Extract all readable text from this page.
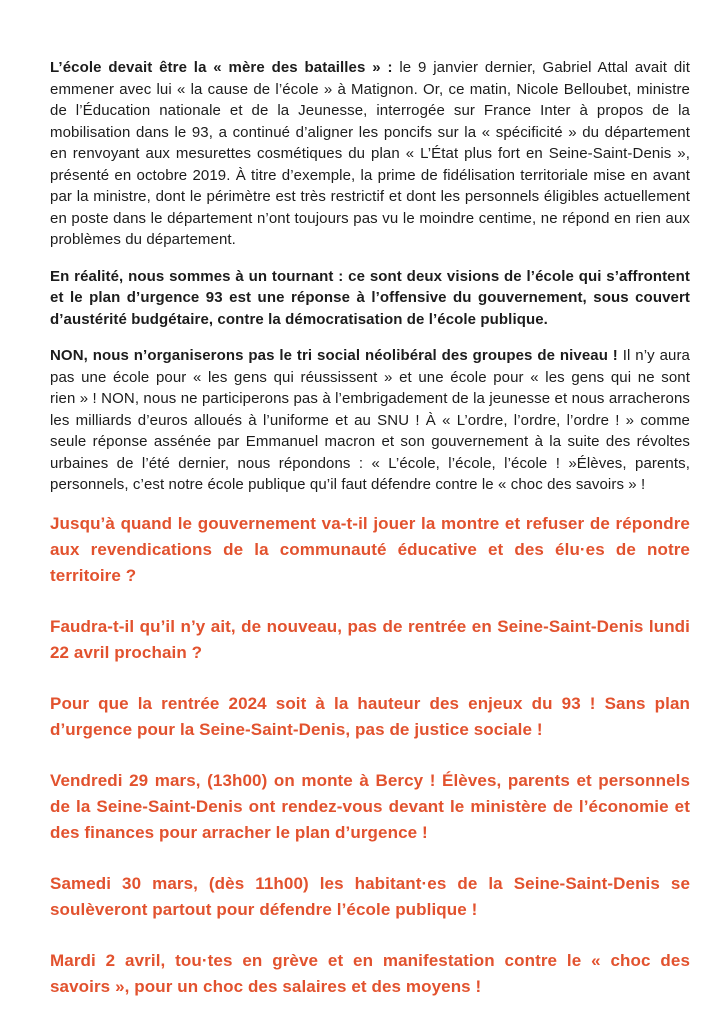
L’école devait être la « mère des batailles » : le 9 janvier dernier, Gabriel Attal avait dit emmener avec lui « la cause de l’école » à Matignon. Or, ce matin, Nicole Belloubet, ministre de l’Éducation nationale et de la Jeunesse, interrogée sur France Inter à propos de la mobilisation dans le 93, a continué d’aligner les poncifs sur la « spécificité » du département en renvoyant aux mesurettes cosmétiques du plan « L’État plus fort en Seine-Saint-Denis », présenté en octobre 2019. À titre d’exemple, la prime de fidélisation territoriale mise en avant par la ministre, dont le périmètre est très restrictif et dont les personnels éligibles actuellement en poste dans le département n’ont toujours pas vu le moindre centime, ne répond en rien aux problèmes du département.

En réalité, nous sommes à un tournant : ce sont deux visions de l’école qui s’affrontent et le plan d’urgence 93 est une réponse à l’offensive du gouvernement, sous couvert d’austérité budgétaire, contre la démocratisation de l’école publique.

NON, nous n’organiserons pas le tri social néolibéral des groupes de niveau ! Il n’y aura pas une école pour « les gens qui réussissent » et une école pour « les gens qui ne sont rien » ! NON, nous ne participerons pas à l’embrigadement de la jeunesse et nous arracherons les milliards d’euros alloués à l’uniforme et au SNU ! À « L’ordre, l’ordre, l’ordre ! » comme seule réponse assénée par Emmanuel macron et son gouvernement à la suite des révoltes urbaines de l’été dernier, nous répondons : « L’école, l’école, l’école ! »Élèves, parents, personnels, c’est notre école publique qu’il faut défendre contre le « choc des savoirs » !

Jusqu’à quand le gouvernement va-t-il jouer la montre et refuser de répondre aux revendications de la communauté éducative et des élu·es de notre territoire ?

Faudra-t-il qu’il n’y ait, de nouveau, pas de rentrée en Seine-Saint-Denis lundi 22 avril prochain ?

Pour que la rentrée 2024 soit à la hauteur des enjeux du 93 ! Sans plan d’urgence pour la Seine-Saint-Denis, pas de justice sociale !

Vendredi 29 mars, (13h00) on monte à Bercy ! Élèves, parents et personnels de la Seine-Saint-Denis ont rendez-vous devant le ministère de l’économie et des finances pour arracher le plan d’urgence !

Samedi 30 mars, (dès 11h00) les habitant·es de la Seine-Saint-Denis se soulèveront partout pour défendre l’école publique !

Mardi 2 avril, tou·tes en grève et en manifestation contre le « choc des savoirs », pour un choc des salaires et des moyens !
